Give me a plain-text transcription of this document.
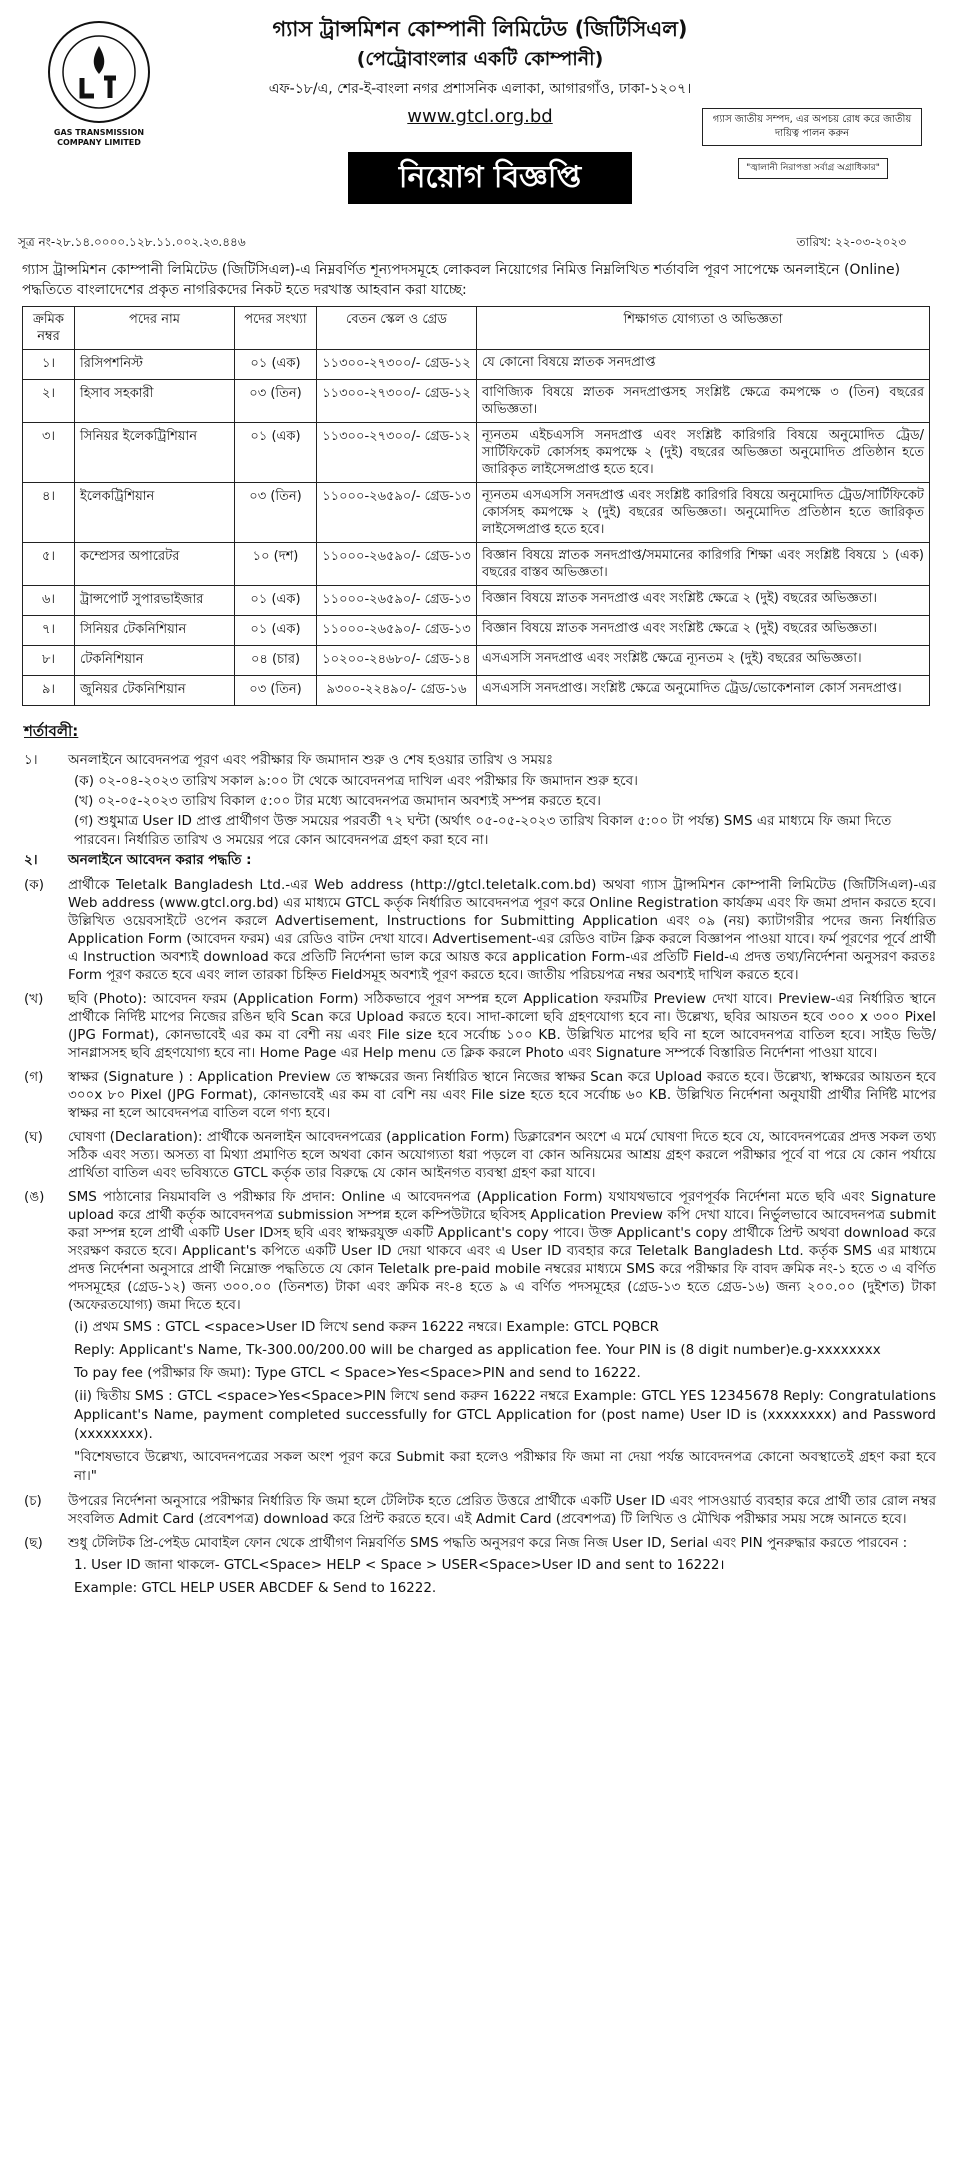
GAS TRANSMISSION COMPANY LIMITED
গ্যাস ট্রান্সমিশন কোম্পানী লিমিটেড (জিটিসিএল)
(পেট্রোবাংলার একটি কোম্পানী)
এফ-১৮/এ, শের-ই-বাংলা নগর প্রশাসনিক এলাকা, আগারগাঁও, ঢাকা-১২০৭।
www.gtcl.org.bd	গ্যাস জাতীয় সম্পদ, এর অপচয় রোধ করে জাতীয় দায়িত্ব পালন করুন
"জ্বালানী নিরাপত্তা সর্বাগ্র অগ্রাধিকার"
নিয়োগ বিজ্ঞপ্তি
সূত্র নং-২৮.১৪.০০০০.১২৮.১১.০০২.২৩.৪৪৬	তারিখ: ২২-০৩-২০২৩
গ্যাস ট্রান্সমিশন কোম্পানী লিমিটেড (জিটিসিএল)-এ নিম্নবর্ণিত শূন্যপদসমূহে লোকবল নিয়োগের নিমিত্ত নিম্নলিখিত শর্তাবলি পূরণ সাপেক্ষে অনলাইনে (Online) পদ্ধতিতে বাংলাদেশের প্রকৃত নাগরিকদের নিকট হতে দরখাস্ত আহবান করা যাচ্ছে:
ক্রমিক নম্বর	পদের নাম	পদের সংখ্যা	বেতন স্কেল ও গ্রেড	শিক্ষাগত যোগ্যতা ও অভিজ্ঞতা
১।	রিসিপশনিস্ট	০১ (এক)	১১৩০০-২৭৩০০/- গ্রেড-১২	যে কোনো বিষয়ে স্নাতক সনদপ্রাপ্ত
২।	হিসাব সহকারী	০৩ (তিন)	১১৩০০-২৭৩০০/- গ্রেড-১২	বাণিজ্যিক বিষয়ে স্নাতক সনদপ্রাপ্তসহ সংশ্লিষ্ট ক্ষেত্রে কমপক্ষে ৩ (তিন) বছরের অভিজ্ঞতা।
৩।	সিনিয়র ইলেকট্রিশিয়ান	০১ (এক)	১১৩০০-২৭৩০০/- গ্রেড-১২	ন্যূনতম এইচএসসি সনদপ্রাপ্ত এবং সংশ্লিষ্ট কারিগরি বিষয়ে অনুমোদিত ট্রেড/সার্টিফিকেট কোর্সসহ কমপক্ষে ২ (দুই) বছরের অভিজ্ঞতা অনুমোদিত প্রতিষ্ঠান হতে জারিকৃত লাইসেন্সপ্রাপ্ত হতে হবে।
৪।	ইলেকট্রিশিয়ান	০৩ (তিন)	১১০০০-২৬৫৯০/- গ্রেড-১৩	ন্যূনতম এসএসসি সনদপ্রাপ্ত এবং সংশ্লিষ্ট কারিগরি বিষয়ে অনুমোদিত ট্রেড/সার্টিফিকেট কোর্সসহ কমপক্ষে ২ (দুই) বছরের অভিজ্ঞতা। অনুমোদিত প্রতিষ্ঠান হতে জারিকৃত লাইসেন্সপ্রাপ্ত হতে হবে।
৫।	কম্প্রেসর অপারেটর	১০ (দশ)	১১০০০-২৬৫৯০/- গ্রেড-১৩	বিজ্ঞান বিষয়ে স্নাতক সনদপ্রাপ্ত/সমমানের কারিগরি শিক্ষা এবং সংশ্লিষ্ট বিষয়ে ১ (এক) বছরের বাস্তব অভিজ্ঞতা।
৬।	ট্রান্সপোর্ট সুপারভাইজার	০১ (এক)	১১০০০-২৬৫৯০/- গ্রেড-১৩	বিজ্ঞান বিষয়ে স্নাতক সনদপ্রাপ্ত এবং সংশ্লিষ্ট ক্ষেত্রে ২ (দুই) বছরের অভিজ্ঞতা।
৭।	সিনিয়র টেকনিশিয়ান	০১ (এক)	১১০০০-২৬৫৯০/- গ্রেড-১৩	বিজ্ঞান বিষয়ে স্নাতক সনদপ্রাপ্ত এবং সংশ্লিষ্ট ক্ষেত্রে ২ (দুই) বছরের অভিজ্ঞতা।
৮।	টেকনিশিয়ান	০৪ (চার)	১০২০০-২৪৬৮০/- গ্রেড-১৪	এসএসসি সনদপ্রাপ্ত এবং সংশ্লিষ্ট ক্ষেত্রে ন্যূনতম ২ (দুই) বছরের অভিজ্ঞতা।
৯।	জুনিয়র টেকনিশিয়ান	০৩ (তিন)	৯৩০০-২২৪৯০/- গ্রেড-১৬	এসএসসি সনদপ্রাপ্ত। সংশ্লিষ্ট ক্ষেত্রে অনুমোদিত ট্রেড/ভোকেশনাল কোর্স সনদপ্রাপ্ত।
শর্তাবলী:
১।	অনলাইনে আবেদনপত্র পূরণ এবং পরীক্ষার ফি জমাদান শুরু ও শেষ হওয়ার তারিখ ও সময়ঃ
(ক) ০২-০৪-২০২৩ তারিখ সকাল ৯:০০ টা থেকে আবেদনপত্র দাখিল এবং পরীক্ষার ফি জমাদান শুরু হবে।
(খ) ০২-০৫-২০২৩ তারিখ বিকাল ৫:০০ টার মধ্যে আবেদনপত্র জমাদান অবশ্যই সম্পন্ন করতে হবে।
(গ) শুধুমাত্র User ID প্রাপ্ত প্রার্থীগণ উক্ত সময়ের পরবর্তী ৭২ ঘন্টা (অর্থাৎ ০৫-০৫-২০২৩ তারিখ বিকাল ৫:০০ টা পর্যন্ত) SMS এর মাধ্যমে ফি জমা দিতে পারবেন। নির্ধারিত তারিখ ও সময়ের পরে কোন আবেদনপত্র গ্রহণ করা হবে না।
২।	অনলাইনে আবেদন করার পদ্ধতি :
(ক)	প্রার্থীকে Teletalk Bangladesh Ltd.-এর Web address (http://gtcl.teletalk.com.bd) অথবা গ্যাস ট্রান্সমিশন কোম্পানী লিমিটেড (জিটিসিএল)-এর Web address (www.gtcl.org.bd) এর মাধ্যমে GTCL কর্তৃক নির্ধারিত আবেদনপত্র পূরণ করে Online Registration কার্যক্রম এবং ফি জমা প্রদান করতে হবে। উল্লিখিত ওয়েবসাইটে ওপেন করলে Advertisement, Instructions for Submitting Application এবং ০৯ (নয়) ক্যাটাগরীর পদের জন্য নির্ধারিত Application Form (আবেদন ফরম) এর রেডিও বাটন দেখা যাবে। Advertisement-এর রেডিও বাটন ক্লিক করলে বিজ্ঞাপন পাওয়া যাবে। ফর্ম পূরণের পূর্বে প্রার্থী এ Instruction অবশ্যই download করে প্রতিটি নির্দেশনা ভাল করে আয়ত্ত করে application Form-এর প্রতিটি Field-এ প্রদত্ত তথ্য/নির্দেশনা অনুসরণ করতঃ Form পূরণ করতে হবে এবং লাল তারকা চিহ্নিত Fieldসমূহ অবশ্যই পূরণ করতে হবে। জাতীয় পরিচয়পত্র নম্বর অবশ্যই দাখিল করতে হবে।
(খ)	ছবি (Photo): আবেদন ফরম (Application Form) সঠিকভাবে পূরণ সম্পন্ন হলে Application ফরমটির Preview দেখা যাবে। Preview-এর নির্ধারিত স্থানে প্রার্থীকে নির্দিষ্ট মাপের নিজের রঙিন ছবি Scan করে Upload করতে হবে। সাদা-কালো ছবি গ্রহণযোগ্য হবে না। উল্লেখ্য, ছবির আয়তন হবে ৩০০ x ৩০০ Pixel (JPG Format), কোনভাবেই এর কম বা বেশী নয় এবং File size হবে সর্বোচ্চ ১০০ KB. উল্লিখিত মাপের ছবি না হলে আবেদনপত্র বাতিল হবে। সাইড ভিউ/সানগ্লাসসহ ছবি গ্রহণযোগ্য হবে না। Home Page এর Help menu তে ক্লিক করলে Photo এবং Signature সম্পর্কে বিস্তারিত নির্দেশনা পাওয়া যাবে।
(গ)	স্বাক্ষর (Signature ) : Application Preview তে স্বাক্ষরের জন্য নির্ধারিত স্থানে নিজের স্বাক্ষর Scan করে Upload করতে হবে। উল্লেখ্য, স্বাক্ষরের আয়তন হবে ৩০০x ৮০ Pixel (JPG Format), কোনভাবেই এর কম বা বেশি নয় এবং File size হতে হবে সর্বোচ্চ ৬০ KB. উল্লিখিত নির্দেশনা অনুযায়ী প্রার্থীর নির্দিষ্ট মাপের স্বাক্ষর না হলে আবেদনপত্র বাতিল বলে গণ্য হবে।
(ঘ)	ঘোষণা (Declaration): প্রার্থীকে অনলাইন আবেদনপত্রের (application Form) ডিক্লারেশন অংশে এ মর্মে ঘোষণা দিতে হবে যে, আবেদনপত্রের প্রদত্ত সকল তথ্য সঠিক এবং সত্য। অসত্য বা মিথ্যা প্রমাণিত হলে অথবা কোন অযোগ্যতা ধরা পড়লে বা কোন অনিয়মের আশ্রয় গ্রহণ করলে পরীক্ষার পূর্বে বা পরে যে কোন পর্যায়ে প্রার্থিতা বাতিল এবং ভবিষ্যতে GTCL কর্তৃক তার বিরুদ্ধে যে কোন আইনগত ব্যবস্থা গ্রহণ করা যাবে।
(ঙ)	SMS পাঠানোর নিয়মাবলি ও পরীক্ষার ফি প্রদান: Online এ আবেদনপত্র (Application Form) যথাযথভাবে পূরণপূর্বক নির্দেশনা মতে ছবি এবং Signature upload করে প্রার্থী কর্তৃক আবেদনপত্র submission সম্পন্ন হলে কম্পিউটারে ছবিসহ Application Preview কপি দেখা যাবে। নির্ভুলভাবে আবেদনপত্র submit করা সম্পন্ন হলে প্রার্থী একটি User IDসহ ছবি এবং স্বাক্ষরযুক্ত একটি Applicant's copy পাবে। উক্ত Applicant's copy প্রার্থীকে প্রিন্ট অথবা download করে সংরক্ষণ করতে হবে। Applicant's কপিতে একটি User ID দেয়া থাকবে এবং এ User ID ব্যবহার করে Teletalk Bangladesh Ltd. কর্তৃক SMS এর মাধ্যমে প্রদত্ত নির্দেশনা অনুসারে প্রার্থী নিম্নোক্ত পদ্ধতিতে যে কোন Teletalk pre-paid mobile নম্বরের মাধ্যমে SMS করে পরীক্ষার ফি বাবদ ক্রমিক নং-১ হতে ৩ এ বর্ণিত পদসমূহের (গ্রেড-১২) জন্য ৩০০.০০ (তিনশত) টাকা এবং ক্রমিক নং-৪ হতে ৯ এ বর্ণিত পদসমূহের (গ্রেড-১৩ হতে গ্রেড-১৬) জন্য ২০০.০০ (দুইশত) টাকা (অফেরতযোগ্য) জমা দিতে হবে।
(i) প্রথম SMS : GTCL <space>User ID লিখে send করুন 16222 নম্বরে। Example: GTCL PQBCR
Reply: Applicant's Name, Tk-300.00/200.00 will be charged as application fee. Your PIN is (8 digit number)e.g-xxxxxxxx
To pay fee (পরীক্ষার ফি জমা): Type GTCL < Space>Yes<Space>PIN and send to 16222.
(ii) দ্বিতীয় SMS : GTCL <space>Yes<Space>PIN লিখে send করুন 16222 নম্বরে Example: GTCL YES 12345678 Reply: Congratulations Applicant's Name, payment completed successfully for GTCL Application for (post name) User ID is (xxxxxxxx) and Password (xxxxxxxx).
"বিশেষভাবে উল্লেখ্য, আবেদনপত্রের সকল অংশ পূরণ করে Submit করা হলেও পরীক্ষার ফি জমা না দেয়া পর্যন্ত আবেদনপত্র কোনো অবস্থাতেই গ্রহণ করা হবে না।"
(চ)	উপরের নির্দেশনা অনুসারে পরীক্ষার নির্ধারিত ফি জমা হলে টেলিটক হতে প্রেরিত উত্তরে প্রার্থীকে একটি User ID এবং পাসওয়ার্ড ব্যবহার করে প্রার্থী তার রোল নম্বর সংবলিত Admit Card (প্রবেশপত্র) download করে প্রিন্ট করতে হবে। এই Admit Card (প্রবেশপত্র) টি লিখিত ও মৌখিক পরীক্ষার সময় সঙ্গে আনতে হবে।
(ছ)	শুধু টেলিটক প্রি-পেইড মোবাইল ফোন থেকে প্রার্থীগণ নিম্নবর্ণিত SMS পদ্ধতি অনুসরণ করে নিজ নিজ User ID, Serial এবং PIN পুনরুদ্ধার করতে পারবেন :
1. User ID জানা থাকলে- GTCL<Space> HELP < Space > USER<Space>User ID and sent to 16222।
Example: GTCL HELP USER ABCDEF & Send to 16222.
